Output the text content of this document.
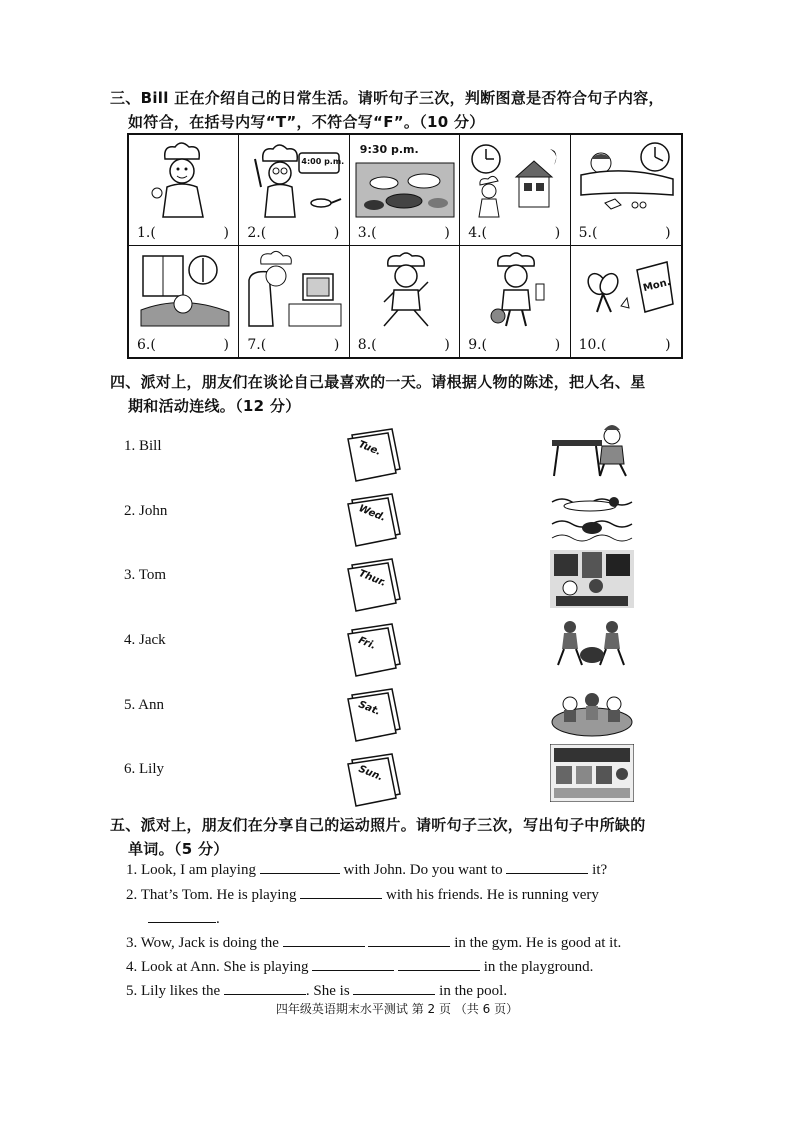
三、Bill 正在介绍自己的日常生活。请听句子三次，判断图意是否符合句子内容，
如符合，在括号内写“T”，不符合写“F”。（10 分）
1.(	)
4:00 p.m.
2.(	)
9:30 p.m.
3.(	) 4.(	) 5.(	)
6.(	) 7.(	) 8.(	) 9.(	)
Mon.
10.(	)
四、派对上，朋友们在谈论自己最喜欢的一天。请根据人物的陈述，把人名、星
期和活动连线。（12 分）
1. Bill
2. John
3. Tom
4. Jack
5. Ann
6. Lily
Tue.
Wed.
Thur.
Fri.
Sat.
Sun.
五、派对上，朋友们在分享自己的运动照片。请听句子三次，写出句子中所缺的
单词。（5 分）
1. Look, I am playing	with John. Do you want to	it?
2. That’s Tom. He is playing	with his friends. He is running very
.
3. Wow, Jack is doing the	in the gym. He is good at it.
4. Look at Ann. She is playing	in the playground.
5. Lily likes the	. She is	in the pool.
四年级英语期末水平测试 第 2 页 （共 6 页）
